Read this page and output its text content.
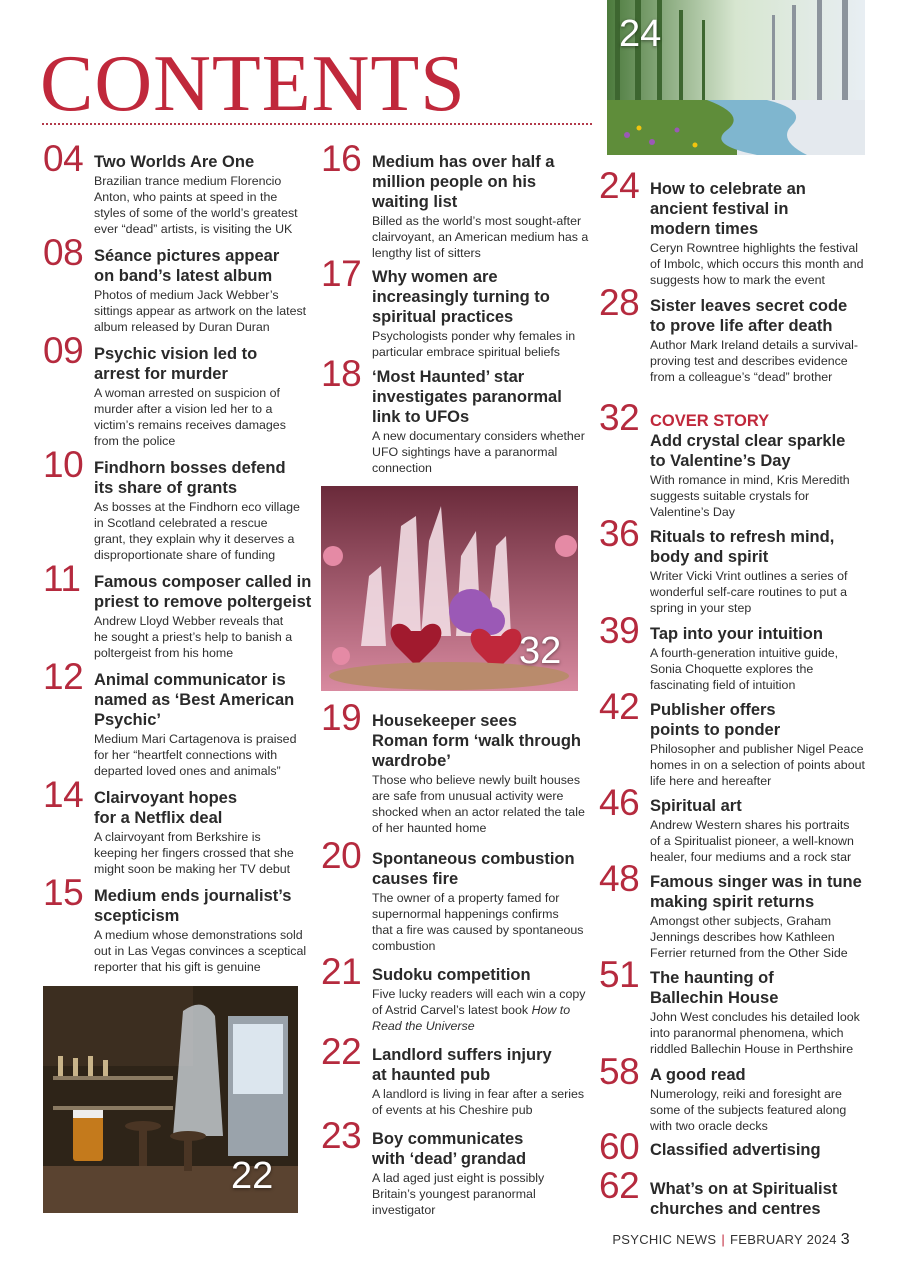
CONTENTS
24
32
22
04 Two Worlds Are One
Brazilian trance medium Florencio
Anton, who paints at speed in the
styles of some of the world’s greatest
ever “dead” artists, is visiting the UK
08 Séance pictures appear
on band’s latest album
Photos of medium Jack Webber’s
sittings appear as artwork on the latest
album released by Duran Duran
09 Psychic vision led to
arrest for murder
A woman arrested on suspicion of
murder after a vision led her to a
victim’s remains receives damages
from the police
10 Findhorn bosses defend
its share of grants
As bosses at the Findhorn eco village
in Scotland celebrated a rescue
grant, they explain why it deserves a
disproportionate share of funding
11 Famous composer called in
priest to remove poltergeist
Andrew Lloyd Webber reveals that
he sought a priest’s help to banish a
poltergeist from his home
12 Animal communicator is
named as ‘Best American
Psychic’
Medium Mari Cartagenova is praised
for her “heartfelt connections with
departed loved ones and animals”
14 Clairvoyant hopes
for a Netflix deal
A clairvoyant from Berkshire is
keeping her fingers crossed that she
might soon be making her TV debut
15 Medium ends journalist’s
scepticism
A medium whose demonstrations sold
out in Las Vegas convinces a sceptical
reporter that his gift is genuine
16 Medium has over half a
million people on his
waiting list
Billed as the world’s most sought-after
clairvoyant, an American medium has a
lengthy list of sitters
17 Why women are
increasingly turning to
spiritual practices
Psychologists ponder why females in
particular embrace spiritual beliefs
18 ‘Most Haunted’ star
investigates paranormal
link to UFOs
A new documentary considers whether
UFO sightings have a paranormal
connection
19 Housekeeper sees
Roman form ‘walk through
wardrobe’
Those who believe newly built houses
are safe from unusual activity were
shocked when an actor related the tale
of her haunted home
20 Spontaneous combustion
causes fire
The owner of a property famed for
supernormal happenings confirms
that a fire was caused by spontaneous
combustion
21 Sudoku competition
Five lucky readers will each win a copy
of Astrid Carvel’s latest book How to
Read the Universe
22 Landlord suffers injury
at haunted pub
A landlord is living in fear after a series
of events at his Cheshire pub
23 Boy communicates
with ‘dead’ grandad
A lad aged just eight is possibly
Britain’s youngest paranormal
investigator
24 How to celebrate an
ancient festival in
modern times
Ceryn Rowntree highlights the festival
of Imbolc, which occurs this month and
suggests how to mark the event
28 Sister leaves secret code
to prove life after death
Author Mark Ireland details a survival-
proving test and describes evidence
from a colleague’s “dead” brother
32 COVER STORY
Add crystal clear sparkle
to Valentine’s Day
With romance in mind, Kris Meredith
suggests suitable crystals for
Valentine’s Day
36 Rituals to refresh mind,
body and spirit
Writer Vicki Vrint outlines a series of
wonderful self-care routines to put a
spring in your step
39 Tap into your intuition
A fourth-generation intuitive guide,
Sonia Choquette explores the
fascinating field of intuition
42 Publisher offers
points to ponder
Philosopher and publisher Nigel Peace
homes in on a selection of points about
life here and hereafter
46 Spiritual art
Andrew Western shares his portraits
of a Spiritualist pioneer, a well-known
healer, four mediums and a rock star
48 Famous singer was in tune
making spirit returns
Amongst other subjects, Graham
Jennings describes how Kathleen
Ferrier returned from the Other Side
51 The haunting of
Ballechin House
John West concludes his detailed look
into paranormal phenomena, which
riddled Ballechin House in Perthshire
58 A good read
Numerology, reiki and foresight are
some of the subjects featured along
with two oracle decks
60 Classified advertising
62 What’s on at Spiritualist
churches and centres
PSYCHIC NEWS | FEBRUARY 2024 3
